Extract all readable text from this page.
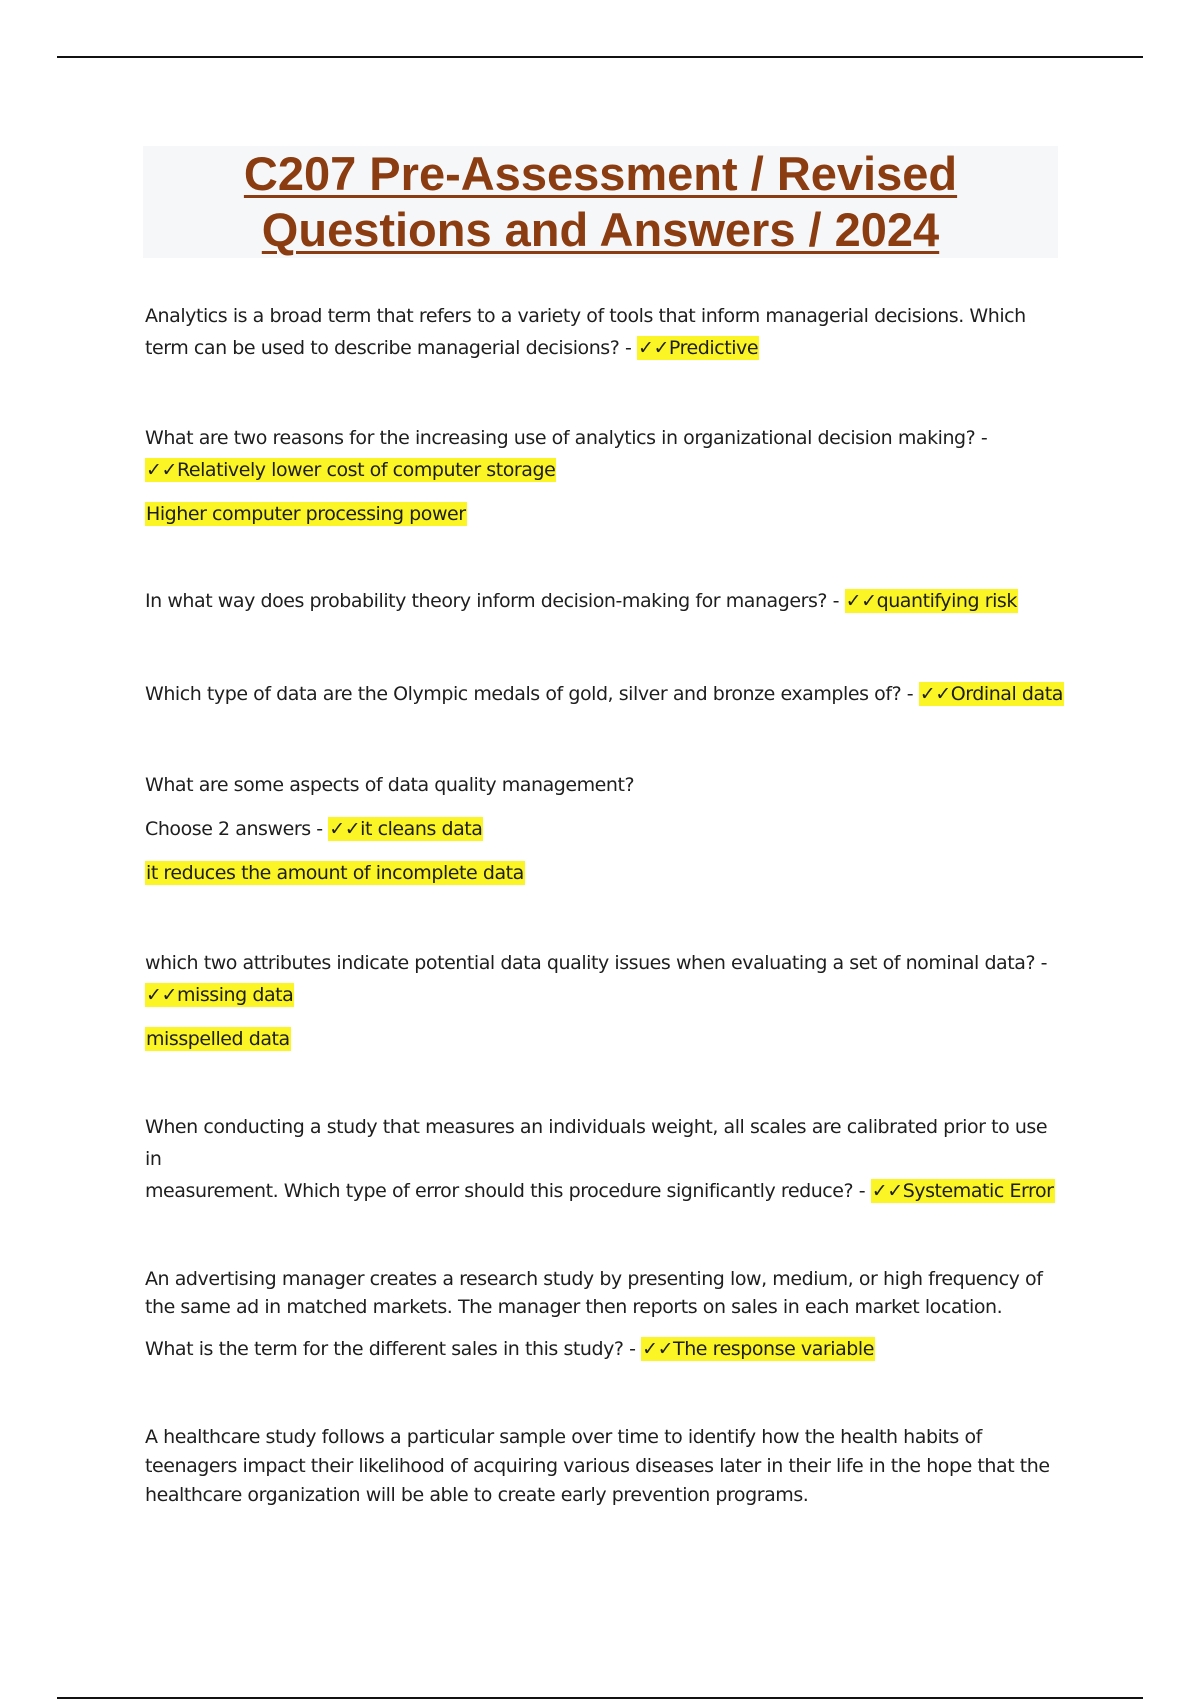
C207 Pre-Assessment / Revised
Questions and Answers / 2024
Analytics is a broad term that refers to a variety of tools that inform managerial decisions. Which
term can be used to describe managerial decisions? - ✓✓Predictive
What are two reasons for the increasing use of analytics in organizational decision making? -
✓✓Relatively lower cost of computer storage
Higher computer processing power
In what way does probability theory inform decision-making for managers? - ✓✓quantifying risk
Which type of data are the Olympic medals of gold, silver and bronze examples of? - ✓✓Ordinal data
What are some aspects of data quality management?
Choose 2 answers - ✓✓it cleans data
it reduces the amount of incomplete data
which two attributes indicate potential data quality issues when evaluating a set of nominal data? -
✓✓missing data
misspelled data
When conducting a study that measures an individuals weight, all scales are calibrated prior to use in
measurement. Which type of error should this procedure significantly reduce? - ✓✓Systematic Error
An advertising manager creates a research study by presenting low, medium, or high frequency of
the same ad in matched markets. The manager then reports on sales in each market location.
What is the term for the different sales in this study? - ✓✓The response variable
A healthcare study follows a particular sample over time to identify how the health habits of
teenagers impact their likelihood of acquiring various diseases later in their life in the hope that the
healthcare organization will be able to create early prevention programs.
